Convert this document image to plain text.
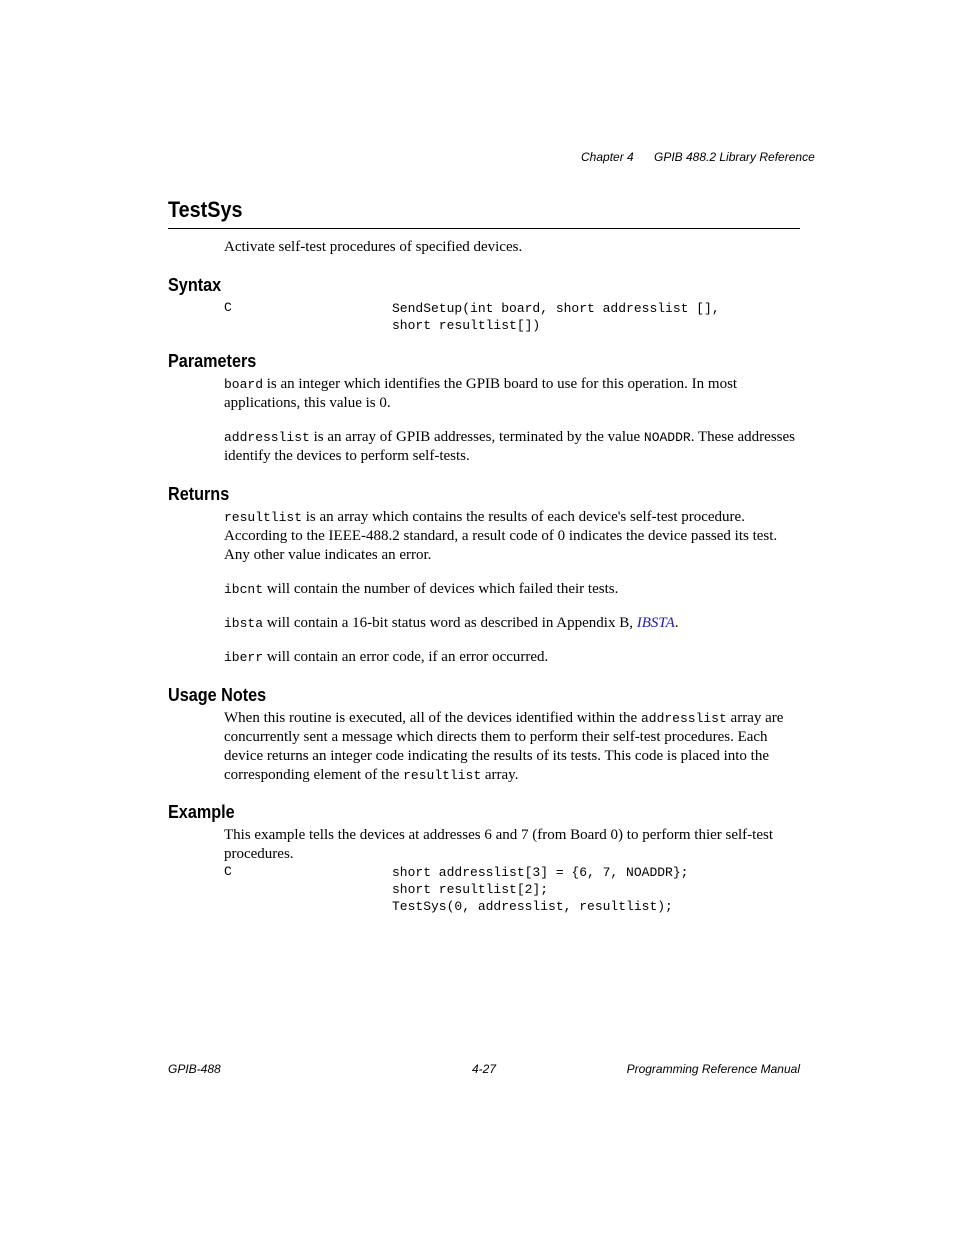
Chapter 4 GPIB 488.2 Library Reference
TestSys
Activate self-test procedures of specified devices.
Syntax
C	SendSetup(int board, short addresslist [],
short resultlist[])
Parameters
board is an integer which identifies the GPIB board to use for this operation. In most applications, this value is 0.
addresslist is an array of GPIB addresses, terminated by the value NOADDR. These addresses identify the devices to perform self-tests.
Returns
resultlist is an array which contains the results of each device's self-test procedure. According to the IEEE-488.2 standard, a result code of 0 indicates the device passed its test. Any other value indicates an error.
ibcnt will contain the number of devices which failed their tests.
ibsta will contain a 16-bit status word as described in Appendix B, IBSTA.
iberr will contain an error code, if an error occurred.
Usage Notes
When this routine is executed, all of the devices identified within the addresslist array are concurrently sent a message which directs them to perform their self-test procedures. Each device returns an integer code indicating the results of its tests. This code is placed into the corresponding element of the resultlist array.
Example
This example tells the devices at addresses 6 and 7 (from Board 0) to perform thier self-test procedures.
C	short addresslist[3] = {6, 7, NOADDR};
short resultlist[2];
TestSys(0, addresslist, resultlist);
GPIB-488	4-27	Programming Reference Manual
